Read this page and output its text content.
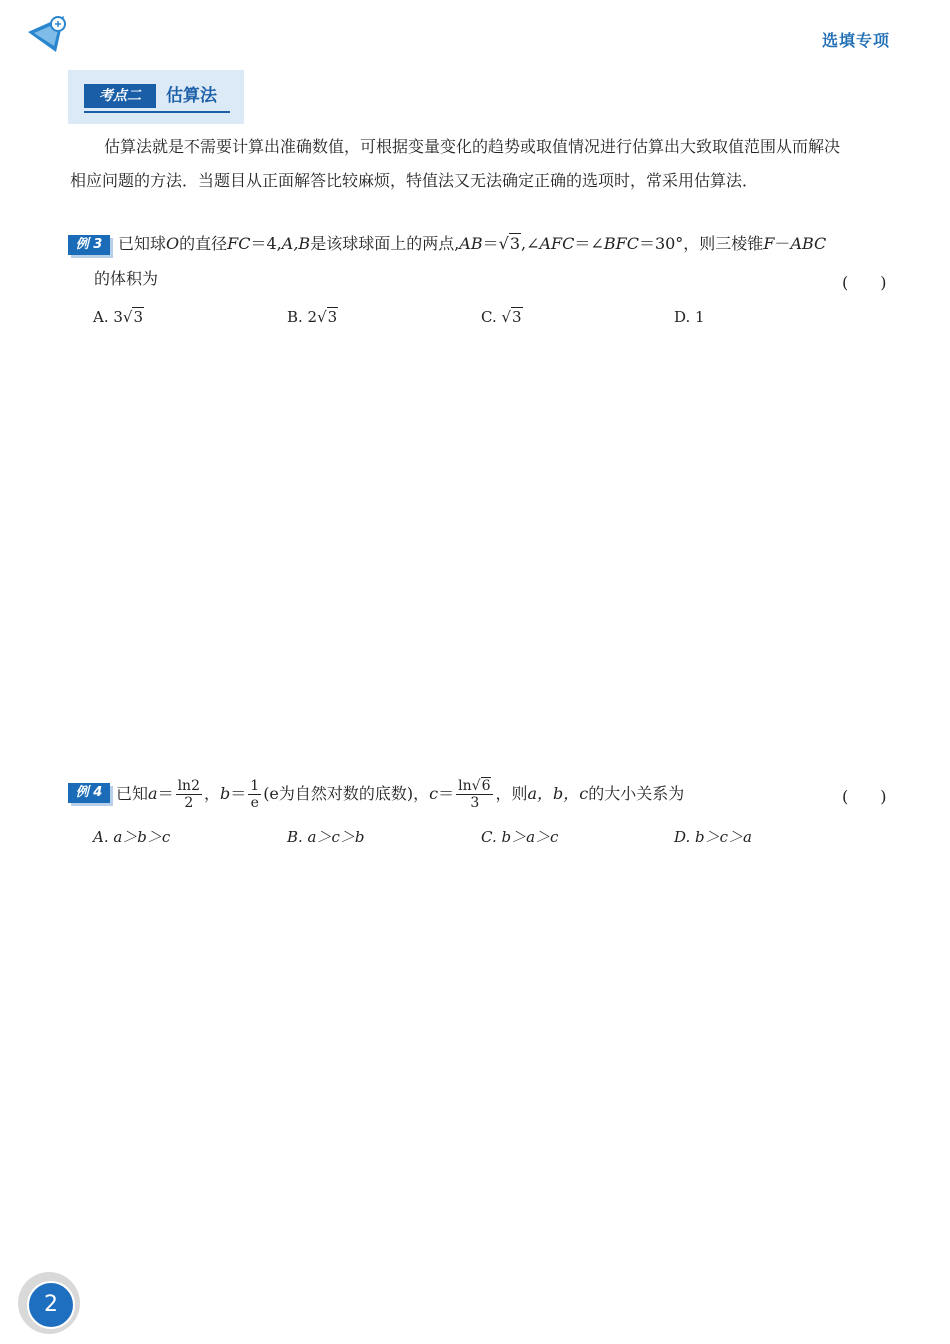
选填专项
考点二	估算法
估算法就是不需要计算出准确数值，可根据变量变化的趋势或取值情况进行估算出大致取值范围从而解决
相应问题的方法．当题目从正面解答比较麻烦，特值法又无法确定正确的选项时，常采用估算法．
例 3 已知球O的直径FC＝4,A,B是该球球面上的两点,AB＝√3,∠AFC＝∠BFC＝30°，则三棱锥F－ABC
的体积为	(　　)
A. 3√3	B. 2√3	C. √3	D. 1
例 4 已知$a= \frac{\ln 2}{2}$ ，$b= \frac{1}{e} (e$为自然对数的底数)，$c= \frac{\ln√6}{3}$ ，则a，b，c的大小关系为	(　　)
A. a＞b＞c	B. a＞c＞b	C. b＞a＞c	D. b＞c＞a
2
